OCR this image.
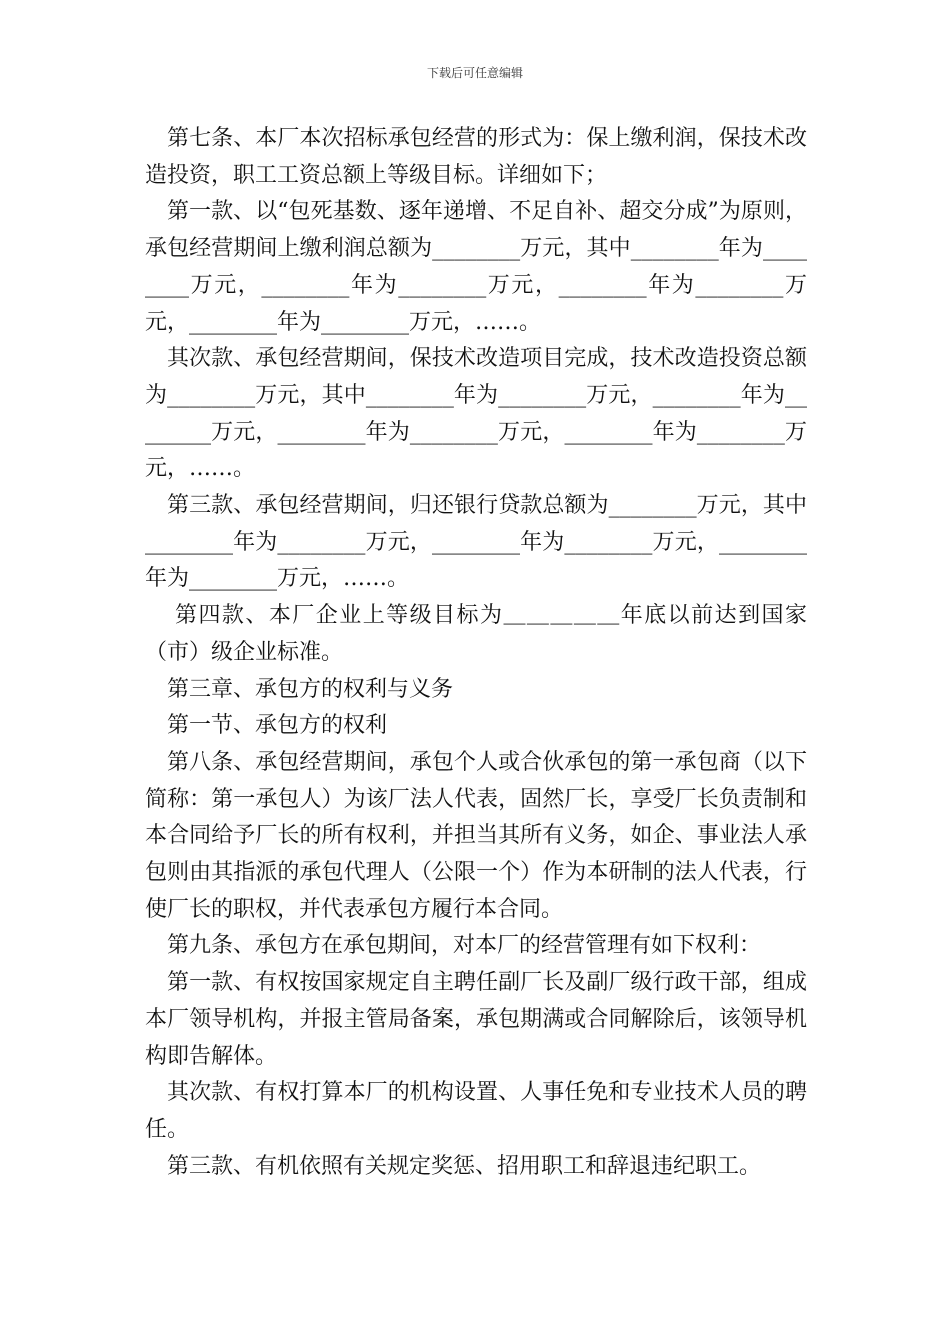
下载后可任意编辑

第七条、本厂本次招标承包经营的形式为：保上缴利润，保技术改造投资，职工工资总额上等级目标。详细如下；

第一款、以“包死基数、逐年递增、不足自补、超交分成”为原则，承包经营期间上缴利润总额为________万元，其中________年为________万元，________年为________万元，________年为________万元，________年为________万元，……。

其次款、承包经营期间，保技术改造项目完成，技术改造投资总额为________万元，其中________年为________万元，________年为________万元，________年为________万元，________年为________万元，……。

第三款、承包经营期间，归还银行贷款总额为________万元，其中________年为________万元，________年为________万元，________年为________万元，……。

第四款、本厂企业上等级目标为＿＿＿＿＿年底以前达到国家（市）级企业标准。

第三章、承包方的权利与义务

第一节、承包方的权利

第八条、承包经营期间，承包个人或合伙承包的第一承包商（以下简称：第一承包人）为该厂法人代表，固然厂长，享受厂长负责制和本合同给予厂长的所有权利，并担当其所有义务，如企、事业法人承包则由其指派的承包代理人（公限一个）作为本研制的法人代表，行使厂长的职权，并代表承包方履行本合同。

第九条、承包方在承包期间，对本厂的经营管理有如下权利：

第一款、有权按国家规定自主聘任副厂长及副厂级行政干部，组成本厂领导机构，并报主管局备案，承包期满或合同解除后，该领导机构即告解体。

其次款、有权打算本厂的机构设置、人事任免和专业技术人员的聘任。

第三款、有机依照有关规定奖惩、招用职工和辞退违纪职工。
